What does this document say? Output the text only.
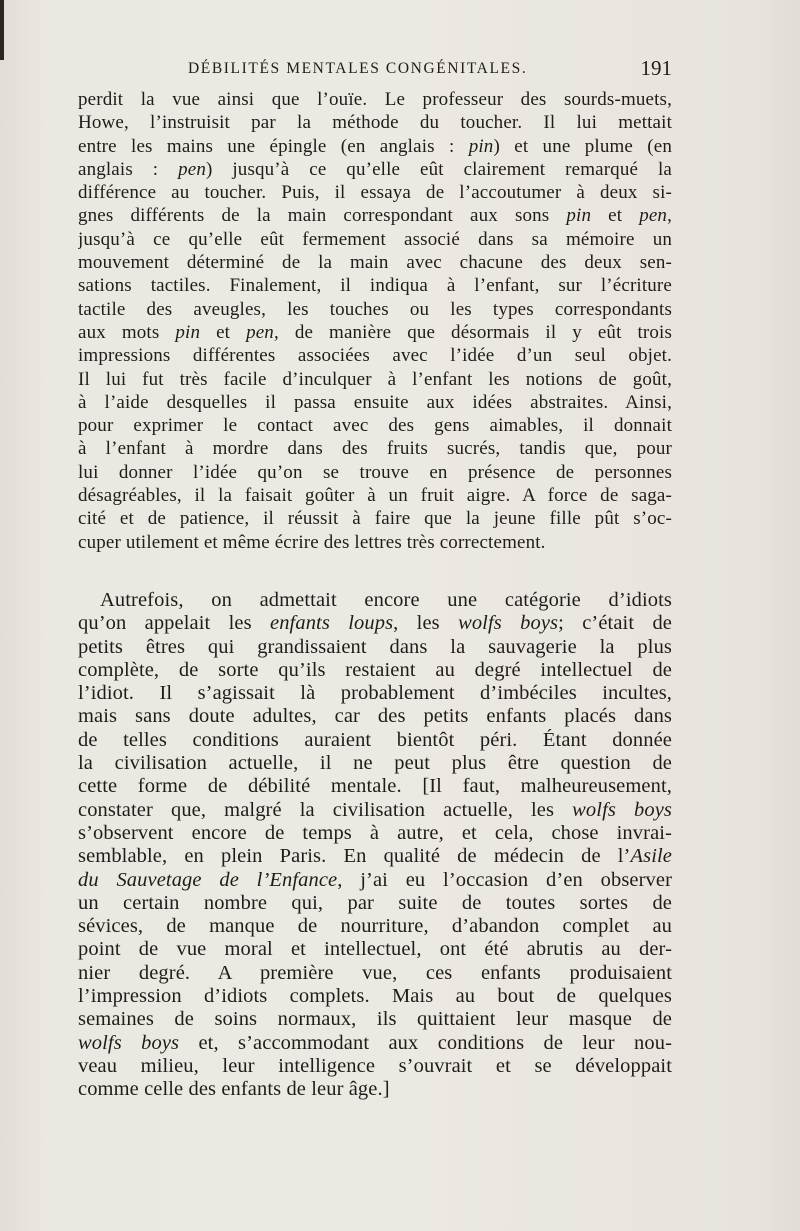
DÉBILITÉS MENTALES CONGÉNITALES.	191
perdit la vue ainsi que l’ouïe. Le professeur des sourds-muets,
Howe, l’instruisit par la méthode du toucher. Il lui mettait
entre les mains une épingle (en anglais : pin) et une plume (en
anglais : pen) jusqu’à ce qu’elle eût clairement remarqué la
différence au toucher. Puis, il essaya de l’accoutumer à deux si-
gnes différents de la main correspondant aux sons pin et pen,
jusqu’à ce qu’elle eût fermement associé dans sa mémoire un
mouvement déterminé de la main avec chacune des deux sen-
sations tactiles. Finalement, il indiqua à l’enfant, sur l’écriture
tactile des aveugles, les touches ou les types correspondants
aux mots pin et pen, de manière que désormais il y eût trois
impressions différentes associées avec l’idée d’un seul objet.
Il lui fut très facile d’inculquer à l’enfant les notions de goût,
à l’aide desquelles il passa ensuite aux idées abstraites. Ainsi,
pour exprimer le contact avec des gens aimables, il donnait
à l’enfant à mordre dans des fruits sucrés, tandis que, pour
lui donner l’idée qu’on se trouve en présence de personnes
désagréables, il la faisait goûter à un fruit aigre. A force de saga-
cité et de patience, il réussit à faire que la jeune fille pût s’oc-
cuper utilement et même écrire des lettres très correctement.
Autrefois, on admettait encore une catégorie d’idiots
qu’on appelait les enfants loups, les wolfs boys; c’était de
petits êtres qui grandissaient dans la sauvagerie la plus
complète, de sorte qu’ils restaient au degré intellectuel de
l’idiot. Il s’agissait là probablement d’imbéciles incultes,
mais sans doute adultes, car des petits enfants placés dans
de telles conditions auraient bientôt péri. Étant donnée
la civilisation actuelle, il ne peut plus être question de
cette forme de débilité mentale. [Il faut, malheureusement,
constater que, malgré la civilisation actuelle, les wolfs boys
s’observent encore de temps à autre, et cela, chose invrai-
semblable, en plein Paris. En qualité de médecin de l’Asile
du Sauvetage de l’Enfance, j’ai eu l’occasion d’en observer
un certain nombre qui, par suite de toutes sortes de
sévices, de manque de nourriture, d’abandon complet au
point de vue moral et intellectuel, ont été abrutis au der-
nier degré. A première vue, ces enfants produisaient
l’impression d’idiots complets. Mais au bout de quelques
semaines de soins normaux, ils quittaient leur masque de
wolfs boys et, s’accommodant aux conditions de leur nou-
veau milieu, leur intelligence s’ouvrait et se développait
comme celle des enfants de leur âge.]
